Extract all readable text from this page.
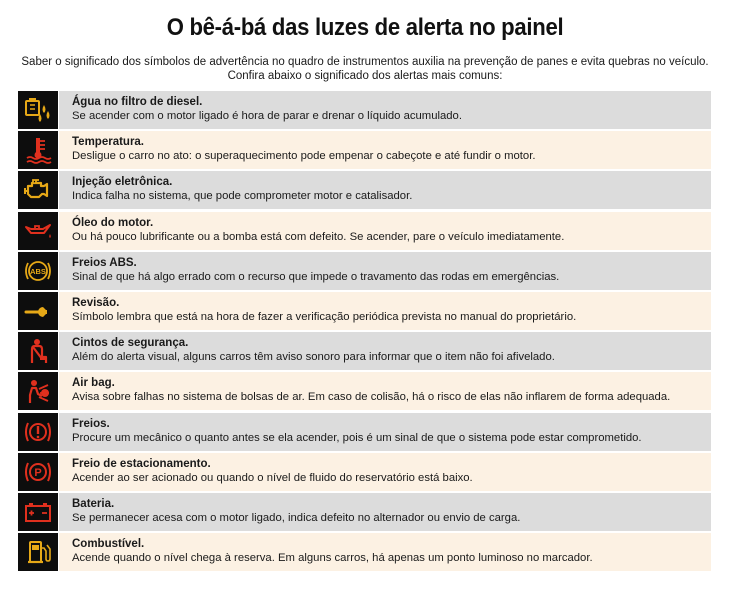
O bê-á-bá das luzes de alerta no painel
Saber o significado dos símbolos de advertência no quadro de instrumentos auxilia na prevenção de panes e evita quebras no veículo.
Confira abaixo o significado dos alertas mais comuns:
Água no filtro de diesel.
Se acender com o motor ligado é hora de parar e drenar o líquido acumulado.
Temperatura.
Desligue o carro no ato: o superaquecimento pode empenar o cabeçote e até fundir o motor.
Injeção eletrônica.
Indica falha no sistema, que pode comprometer motor e catalisador.
Óleo do motor.
Ou há pouco lubrificante ou a bomba está com defeito. Se acender, pare o veículo imediatamente.
ABS
Freios ABS.
Sinal de que há algo errado com o recurso que impede o travamento das rodas em emergências.
Revisão.
Símbolo lembra que está na hora de fazer a verificação periódica prevista no manual do proprietário.
Cintos de segurança.
Além do alerta visual, alguns carros têm aviso sonoro para informar que o item não foi afivelado.
Air bag.
Avisa sobre falhas no sistema de bolsas de ar. Em caso de colisão, há o risco de elas não inflarem de forma adequada.
Freios.
Procure um mecânico o quanto antes se ela acender, pois é um sinal de que o sistema pode estar comprometido.
P
Freio de estacionamento.
Acender ao ser acionado ou quando o nível de fluido do reservatório está baixo.
Bateria.
Se permanecer acesa com o motor ligado, indica defeito no alternador ou envio de carga.
Combustível.
Acende quando o nível chega à reserva. Em alguns carros, há apenas um ponto luminoso no marcador.
